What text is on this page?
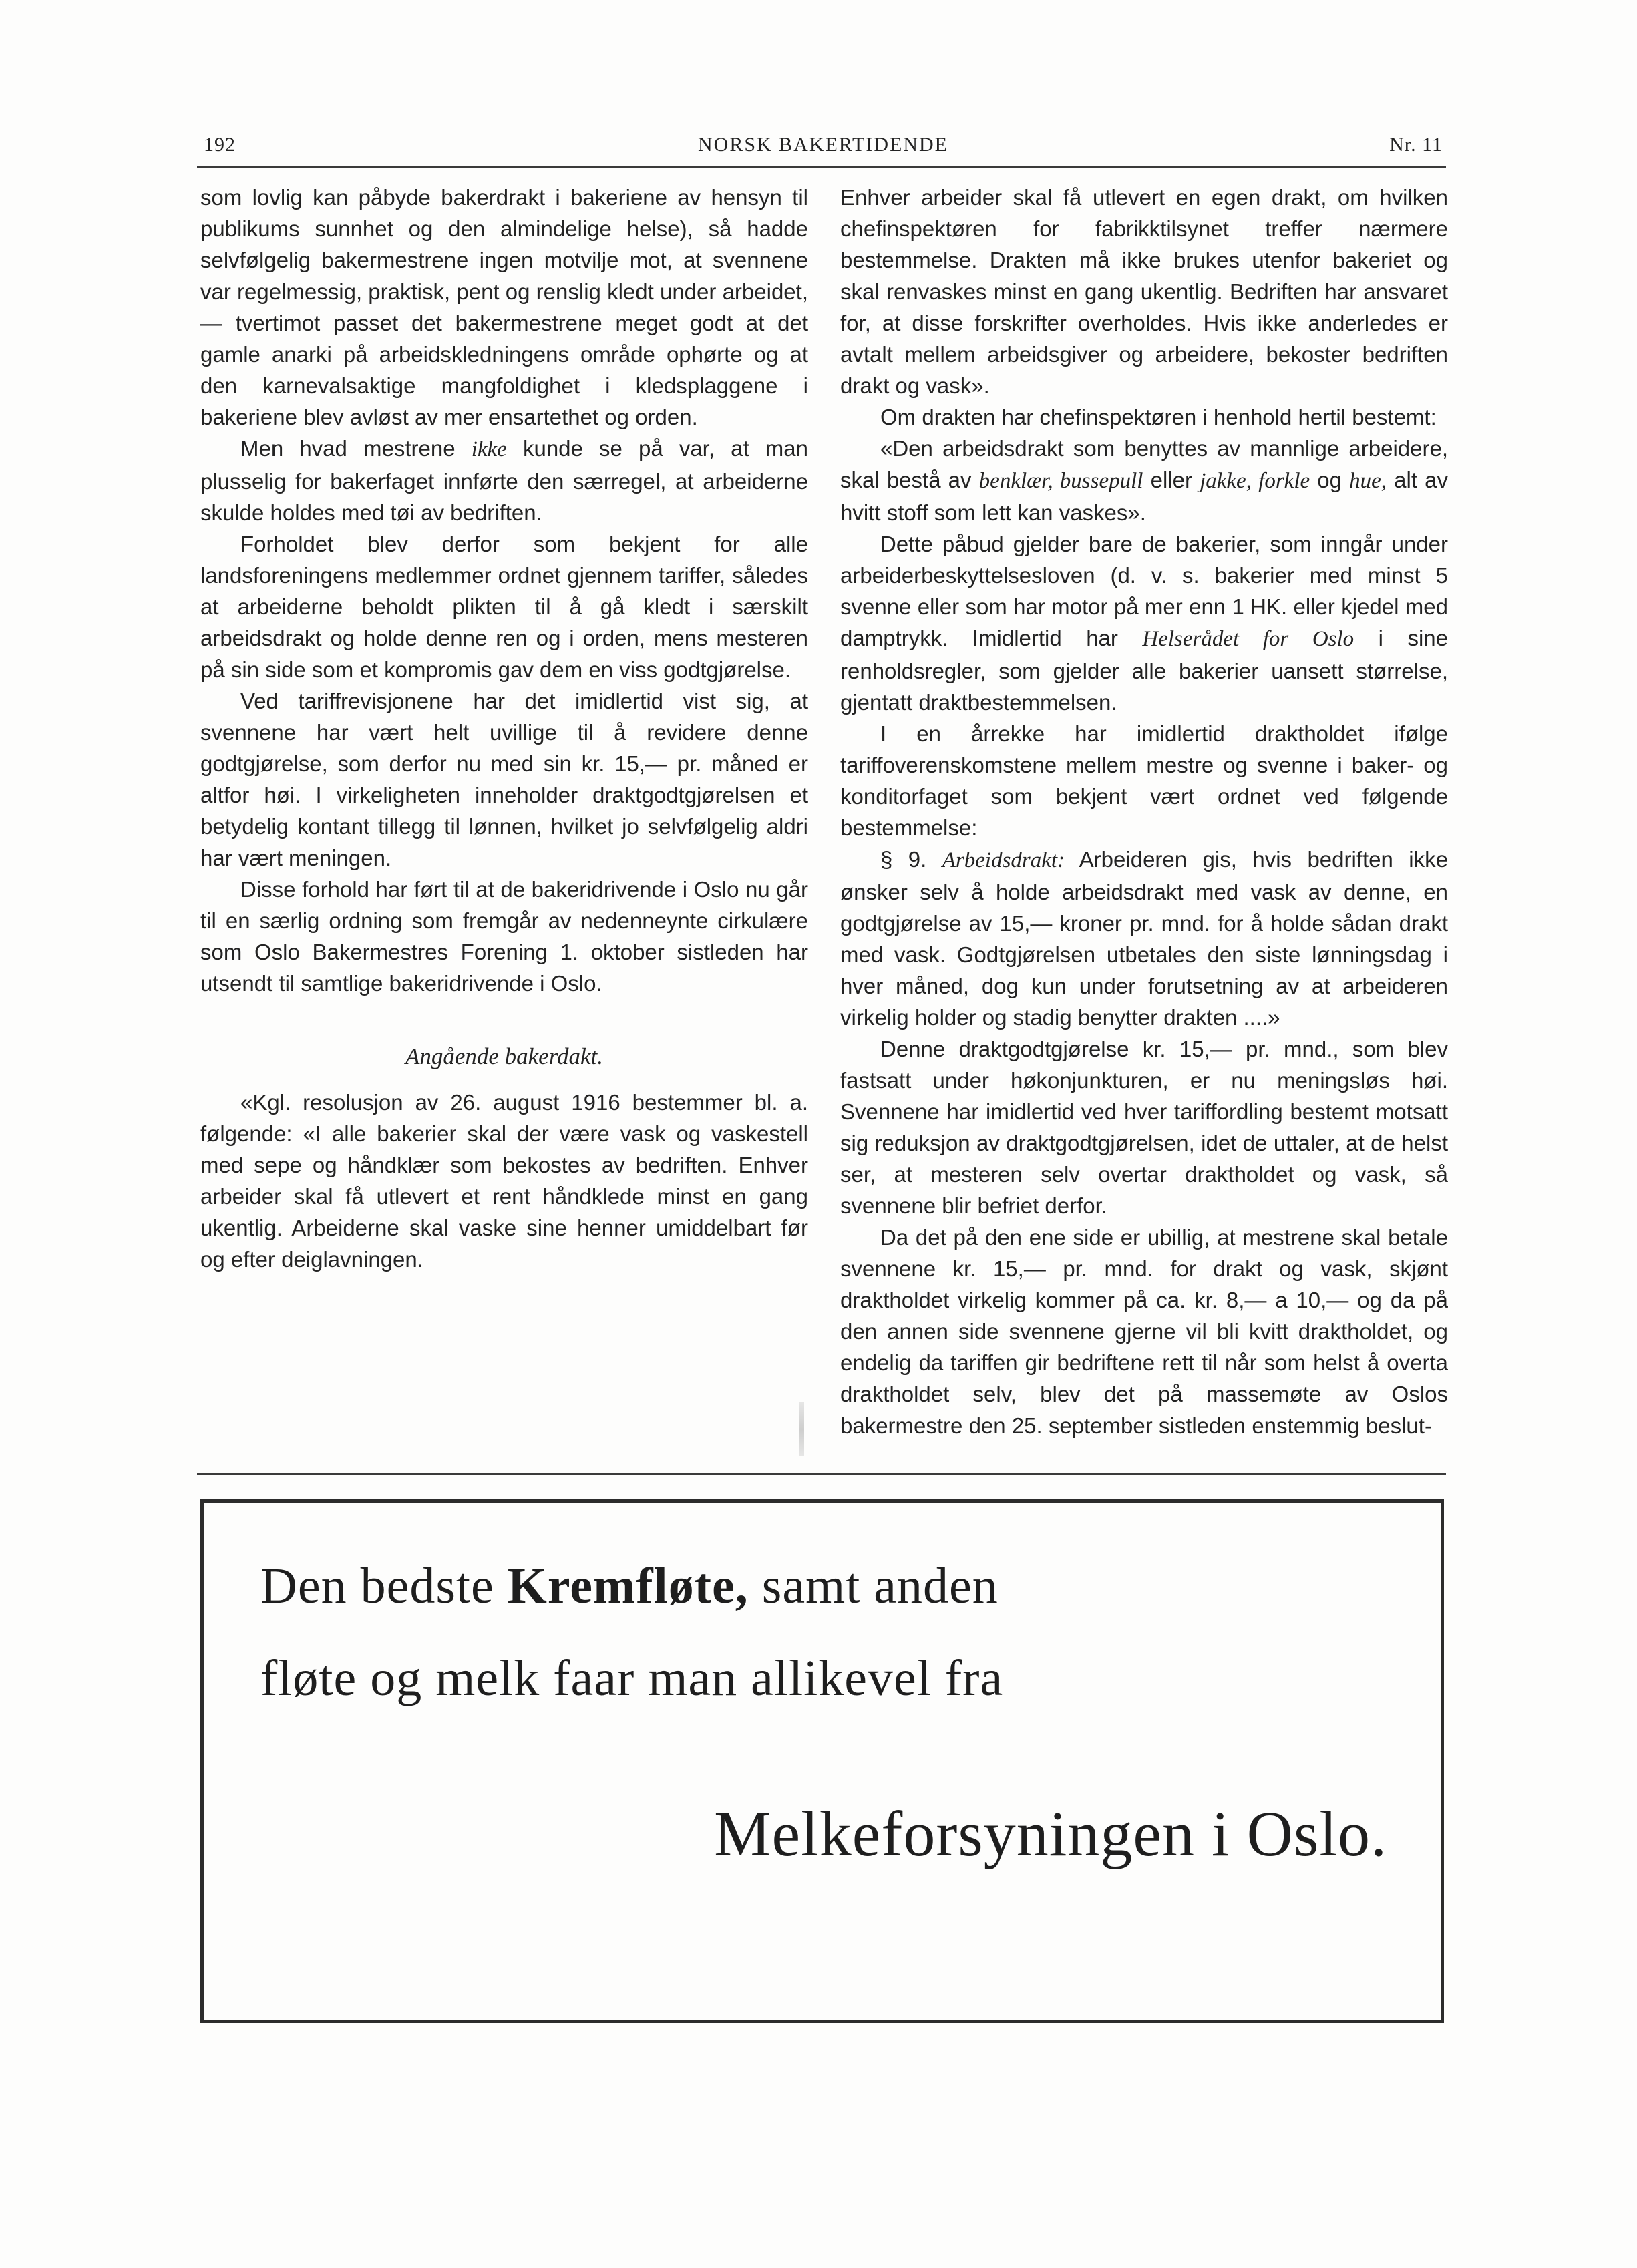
192	NORSK BAKERTIDENDE	Nr. 11

som lovlig kan påbyde bakerdrakt i bakeriene av hensyn til publikums sunnhet og den almindelige helse), så hadde selvfølgelig bakermestrene ingen motvilje mot, at svennene var regelmessig, praktisk, pent og renslig kledt under arbeidet, — tvertimot passet det bakermestrene meget godt at det gamle anarki på arbeidskledningens område ophørte og at den karnevalsaktige mangfoldighet i kledsplaggene i bakeriene blev avløst av mer ensartethet og orden.

Men hvad mestrene ikke kunde se på var, at man plusselig for bakerfaget innførte den særregel, at arbeiderne skulde holdes med tøi av bedriften.

Forholdet blev derfor som bekjent for alle landsforeningens medlemmer ordnet gjennem tariffer, således at arbeiderne beholdt plikten til å gå kledt i særskilt arbeidsdrakt og holde denne ren og i orden, mens mesteren på sin side som et kompromis gav dem en viss godtgjørelse.

Ved tariffrevisjonene har det imidlertid vist sig, at svennene har vært helt uvillige til å revidere denne godtgjørelse, som derfor nu med sin kr. 15,— pr. måned er altfor høi. I virkeligheten inneholder draktgodtgjørelsen et betydelig kontant tillegg til lønnen, hvilket jo selvfølgelig aldri har vært meningen.

Disse forhold har ført til at de bakeridrivende i Oslo nu går til en særlig ordning som fremgår av nedenneynte cirkulære som Oslo Bakermestres Forening 1. oktober sistleden har utsendt til samtlige bakeridrivende i Oslo.

Angående bakerdakt.

«Kgl. resolusjon av 26. august 1916 bestemmer bl. a. følgende: «I alle bakerier skal der være vask og vaskestell med sepe og håndklær som bekostes av bedriften. Enhver arbeider skal få utlevert et rent håndklede minst en gang ukentlig. Arbeiderne skal vaske sine henner umiddelbart før og efter deiglavningen.

Enhver arbeider skal få utlevert en egen drakt, om hvilken chefinspektøren for fabrikktilsynet treffer nærmere bestemmelse. Drakten må ikke brukes utenfor bakeriet og skal renvaskes minst en gang ukentlig. Bedriften har ansvaret for, at disse forskrifter overholdes. Hvis ikke anderledes er avtalt mellem arbeidsgiver og arbeidere, bekoster bedriften drakt og vask».

Om drakten har chefinspektøren i henhold hertil bestemt:

«Den arbeidsdrakt som benyttes av mannlige arbeidere, skal bestå av benklær, bussерull eller jakke, forkle og hue, alt av hvitt stoff som lett kan vaskes».

Dette påbud gjelder bare de bakerier, som inngår under arbeiderbeskyttelsesloven (d. v. s. bakerier med minst 5 svenne eller som har motor på mer enn 1 HK. eller kjedel med damptrykk. Imidlertid har Helserådet for Oslo i sine renholdsregler, som gjelder alle bakerier uansett størrelse, gjentatt draktbestemmelsen.

I en årrekke har imidlertid draktholdet ifølge tariffoverenskomstene mellem mestre og svenne i baker- og konditorfaget som bekjent vært ordnet ved følgende bestemmelse:

§ 9. Arbeidsdrakt: Arbeideren gis, hvis bedriften ikke ønsker selv å holde arbeidsdrakt med vask av denne, en godtgjørelse av 15,— kroner pr. mnd. for å holde sådan drakt med vask. Godtgjørelsen utbetales den siste lønningsdag i hver måned, dog kun under forutsetning av at arbeideren virkelig holder og stadig benytter drakten ....»

Denne draktgodtgjørelse kr. 15,— pr. mnd., som blev fastsatt under høkonjunkturen, er nu meningsløs høi. Svennene har imidlertid ved hver tariffordling bestemt motsatt sig reduksjon av draktgodtgjørelsen, idet de uttaler, at de helst ser, at mesteren selv overtar draktholdet og vask, så svennene blir befriet derfor.

Da det på den ene side er ubillig, at mestrene skal betale svennene kr. 15,— pr. mnd. for drakt og vask, skjønt draktholdet virkelig kommer på ca. kr. 8,— a 10,— og da på den annen side svennene gjerne vil bli kvitt draktholdet, og endelig da tariffen gir bedriftene rett til når som helst å overta draktholdet selv, blev det på massemøte av Oslos bakermestre den 25. september sistleden enstemmig beslut-

Den bedste Kremfløte, samt anden
fløte og melk faar man allikevel fra
Melkeforsyningen i Oslo.
